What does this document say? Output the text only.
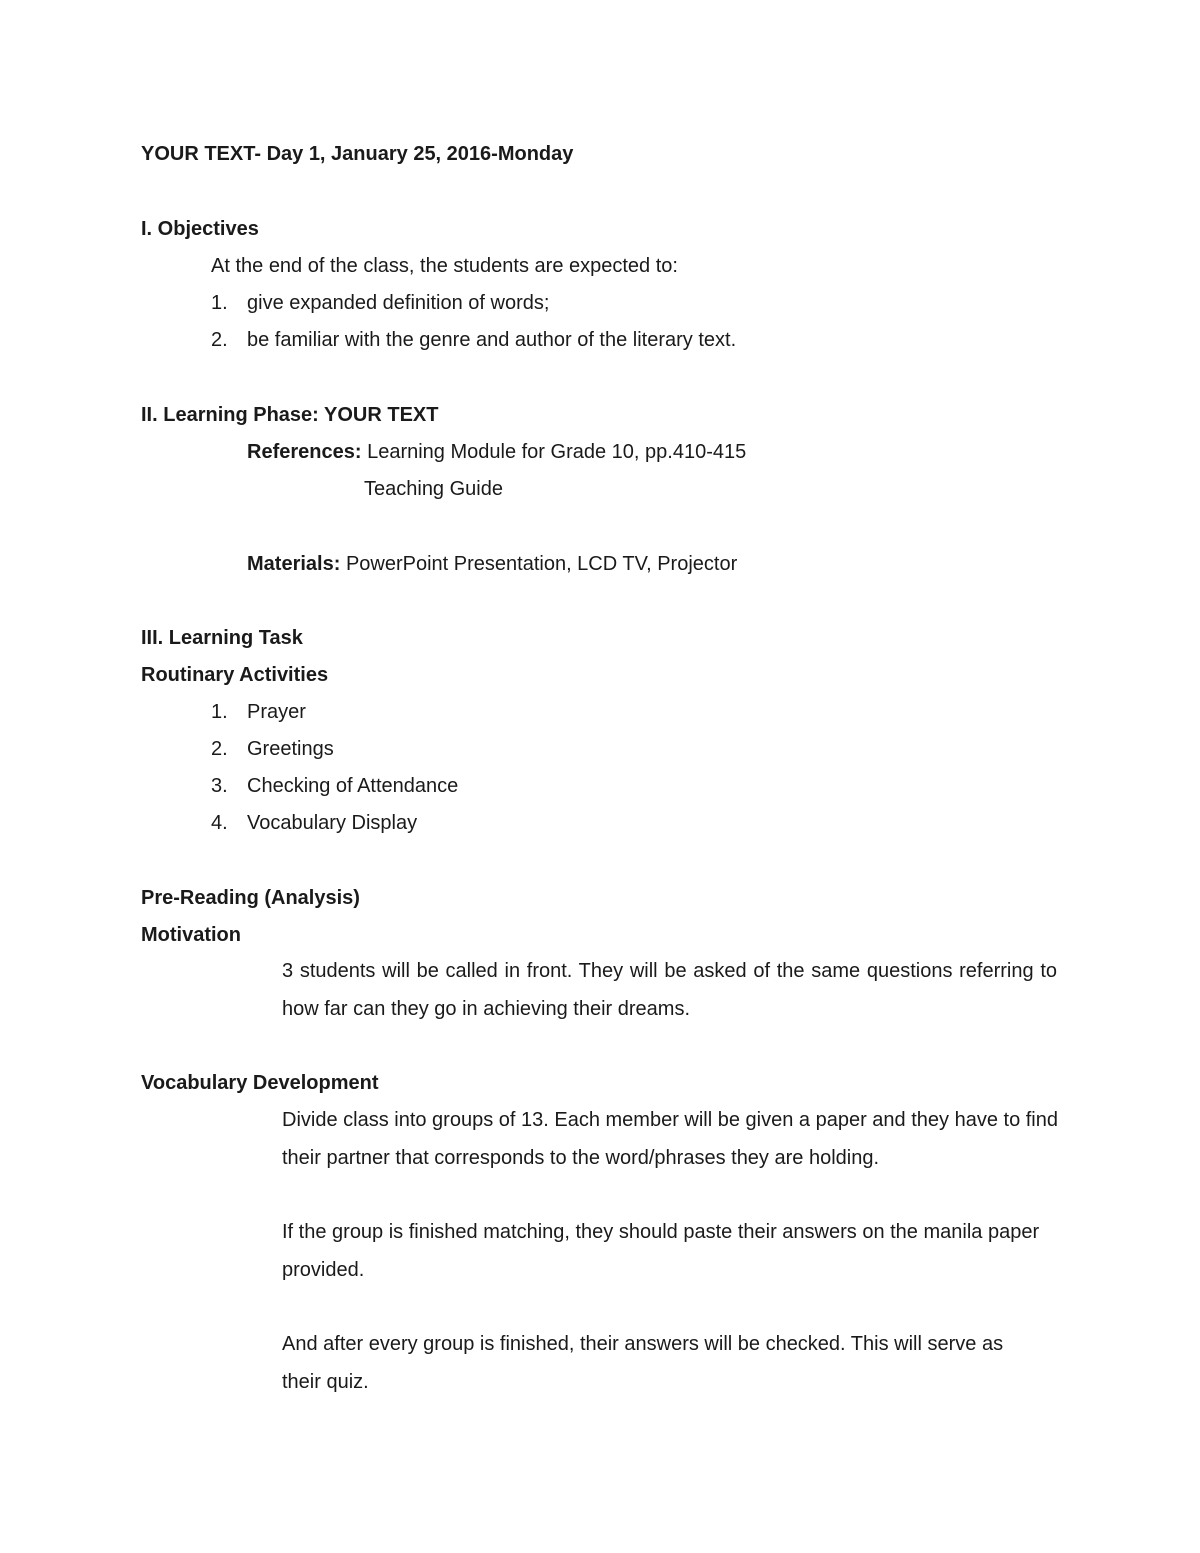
YOUR TEXT- Day 1, January 25, 2016-Monday
I. Objectives
At the end of the class, the students are expected to:
1. give expanded definition of words;
2. be familiar with the genre and author of the literary text.
II. Learning Phase: YOUR TEXT
References: Learning Module for Grade 10, pp.410-415
Teaching Guide
Materials: PowerPoint Presentation, LCD TV, Projector
III. Learning Task
Routinary Activities
1. Prayer
2. Greetings
3. Checking of Attendance
4. Vocabulary Display
Pre-Reading (Analysis)
Motivation
3 students will be called in front. They will be asked of the same questions referring to how far can they go in achieving their dreams.
Vocabulary Development
Divide class into groups of 13. Each member will be given a paper and they have to find their partner that corresponds to the word/phrases they are holding.
If the group is finished matching, they should paste their answers on the manila paper provided.
And after every group is finished, their answers will be checked. This will serve as their quiz.
